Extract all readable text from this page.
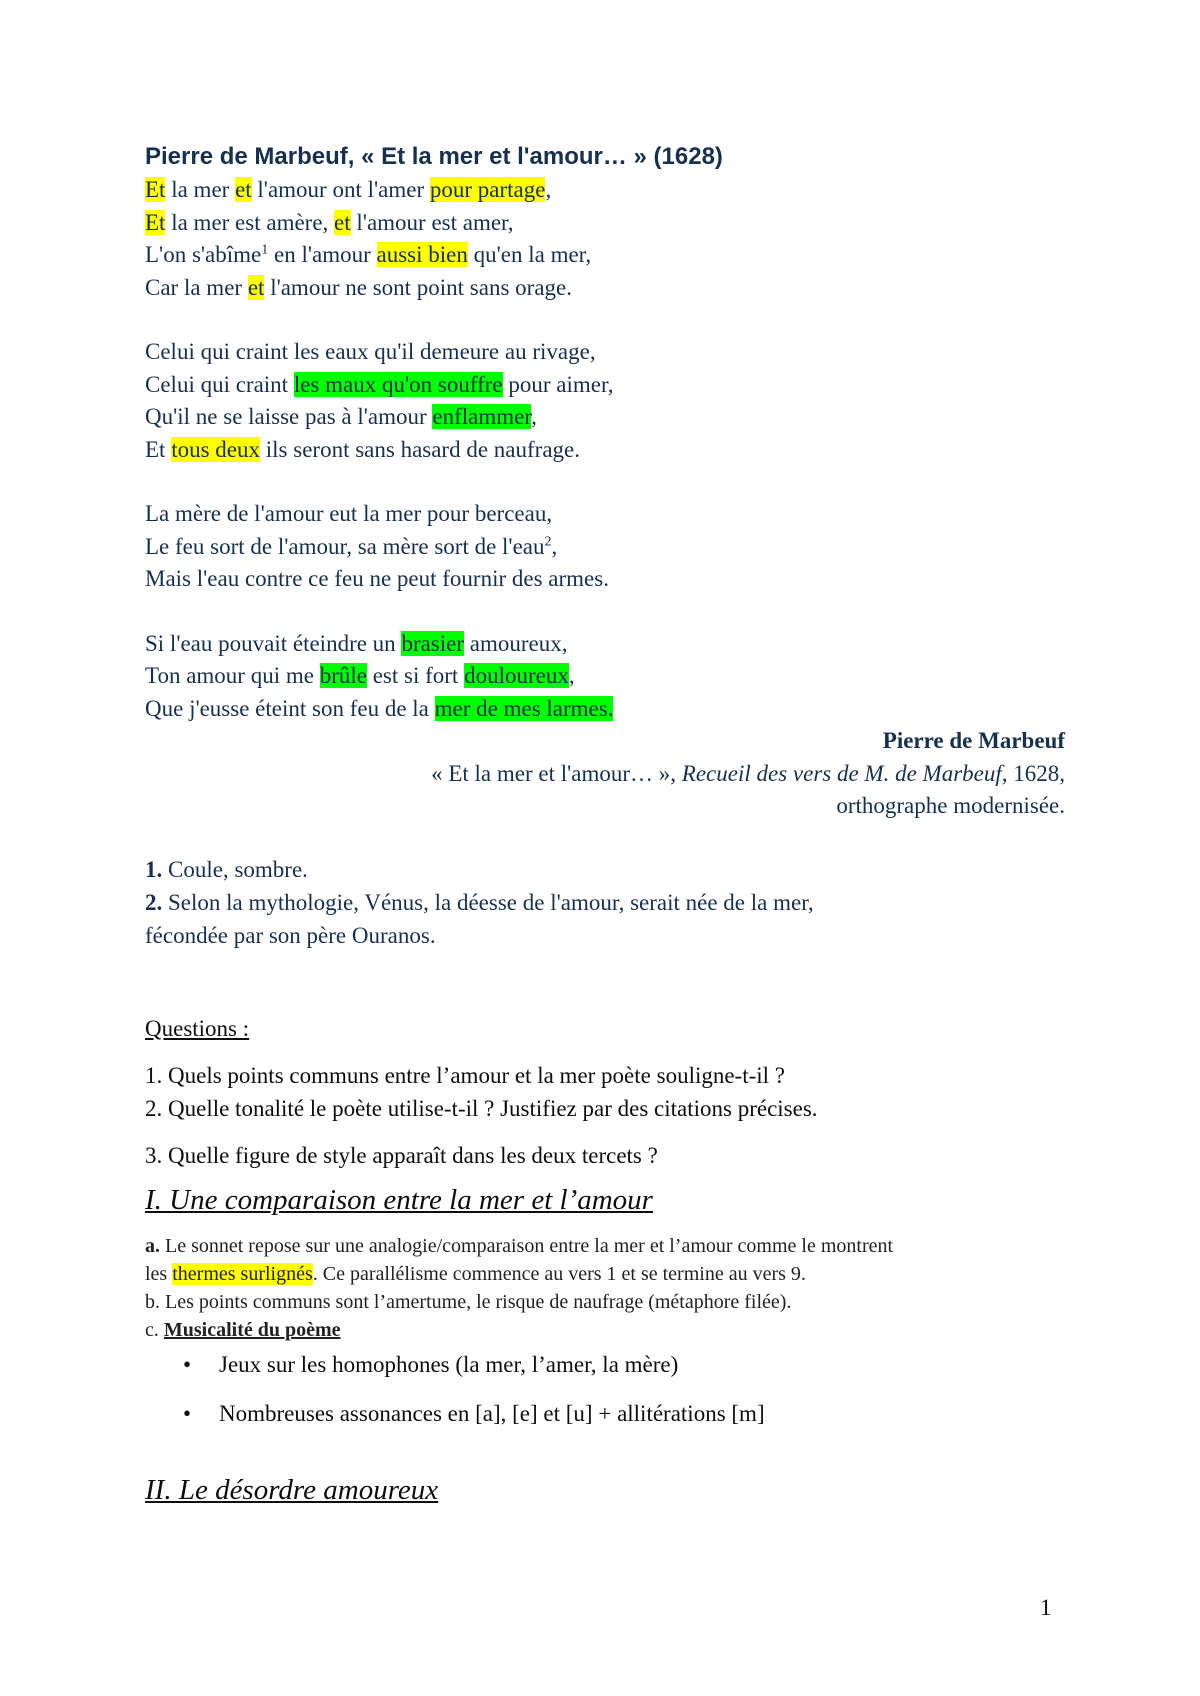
Pierre de Marbeuf, « Et la mer et l'amour… » (1628)
Et la mer et l'amour ont l'amer pour partage,
Et la mer est amère, et l'amour est amer,
L'on s'abîme$^1$ en l'amour aussi bien qu'en la mer,
Car la mer et l'amour ne sont point sans orage.
Celui qui craint les eaux qu'il demeure au rivage,
Celui qui craint les maux qu'on souffre pour aimer,
Qu'il ne se laisse pas à l'amour enflammer,
Et tous deux ils seront sans hasard de naufrage.
La mère de l'amour eut la mer pour berceau,
Le feu sort de l'amour, sa mère sort de l'eau$^2$,
Mais l'eau contre ce feu ne peut fournir des armes.
Si l'eau pouvait éteindre un brasier amoureux,
Ton amour qui me brûle est si fort douloureux,
Que j'eusse éteint son feu de la mer de mes larmes.
Pierre de Marbeuf
« Et la mer et l'amour… », Recueil des vers de M. de Marbeuf, 1628,
orthographe modernisée.
1. Coule, sombre.
2. Selon la mythologie, Vénus, la déesse de l'amour, serait née de la mer,
fécondée par son père Ouranos.
Questions :
1. Quels points communs entre l’amour et la mer poète souligne-t-il ?
2. Quelle tonalité le poète utilise-t-il ? Justifiez par des citations précises.
3. Quelle figure de style apparaît dans les deux tercets ?
I. Une comparaison entre la mer et l’amour
a. Le sonnet repose sur une analogie/comparaison entre la mer et l’amour comme le montrent
les thermes surlignés. Ce parallélisme commence au vers 1 et se termine au vers 9.
b. Les points communs sont l’amertume, le risque de naufrage (métaphore filée).
c. Musicalité du poème
• Jeux sur les homophones (la mer, l’amer, la mère)
• Nombreuses assonances en [a], [e] et [u] + allitérations [m]
II. Le désordre amoureux
1
